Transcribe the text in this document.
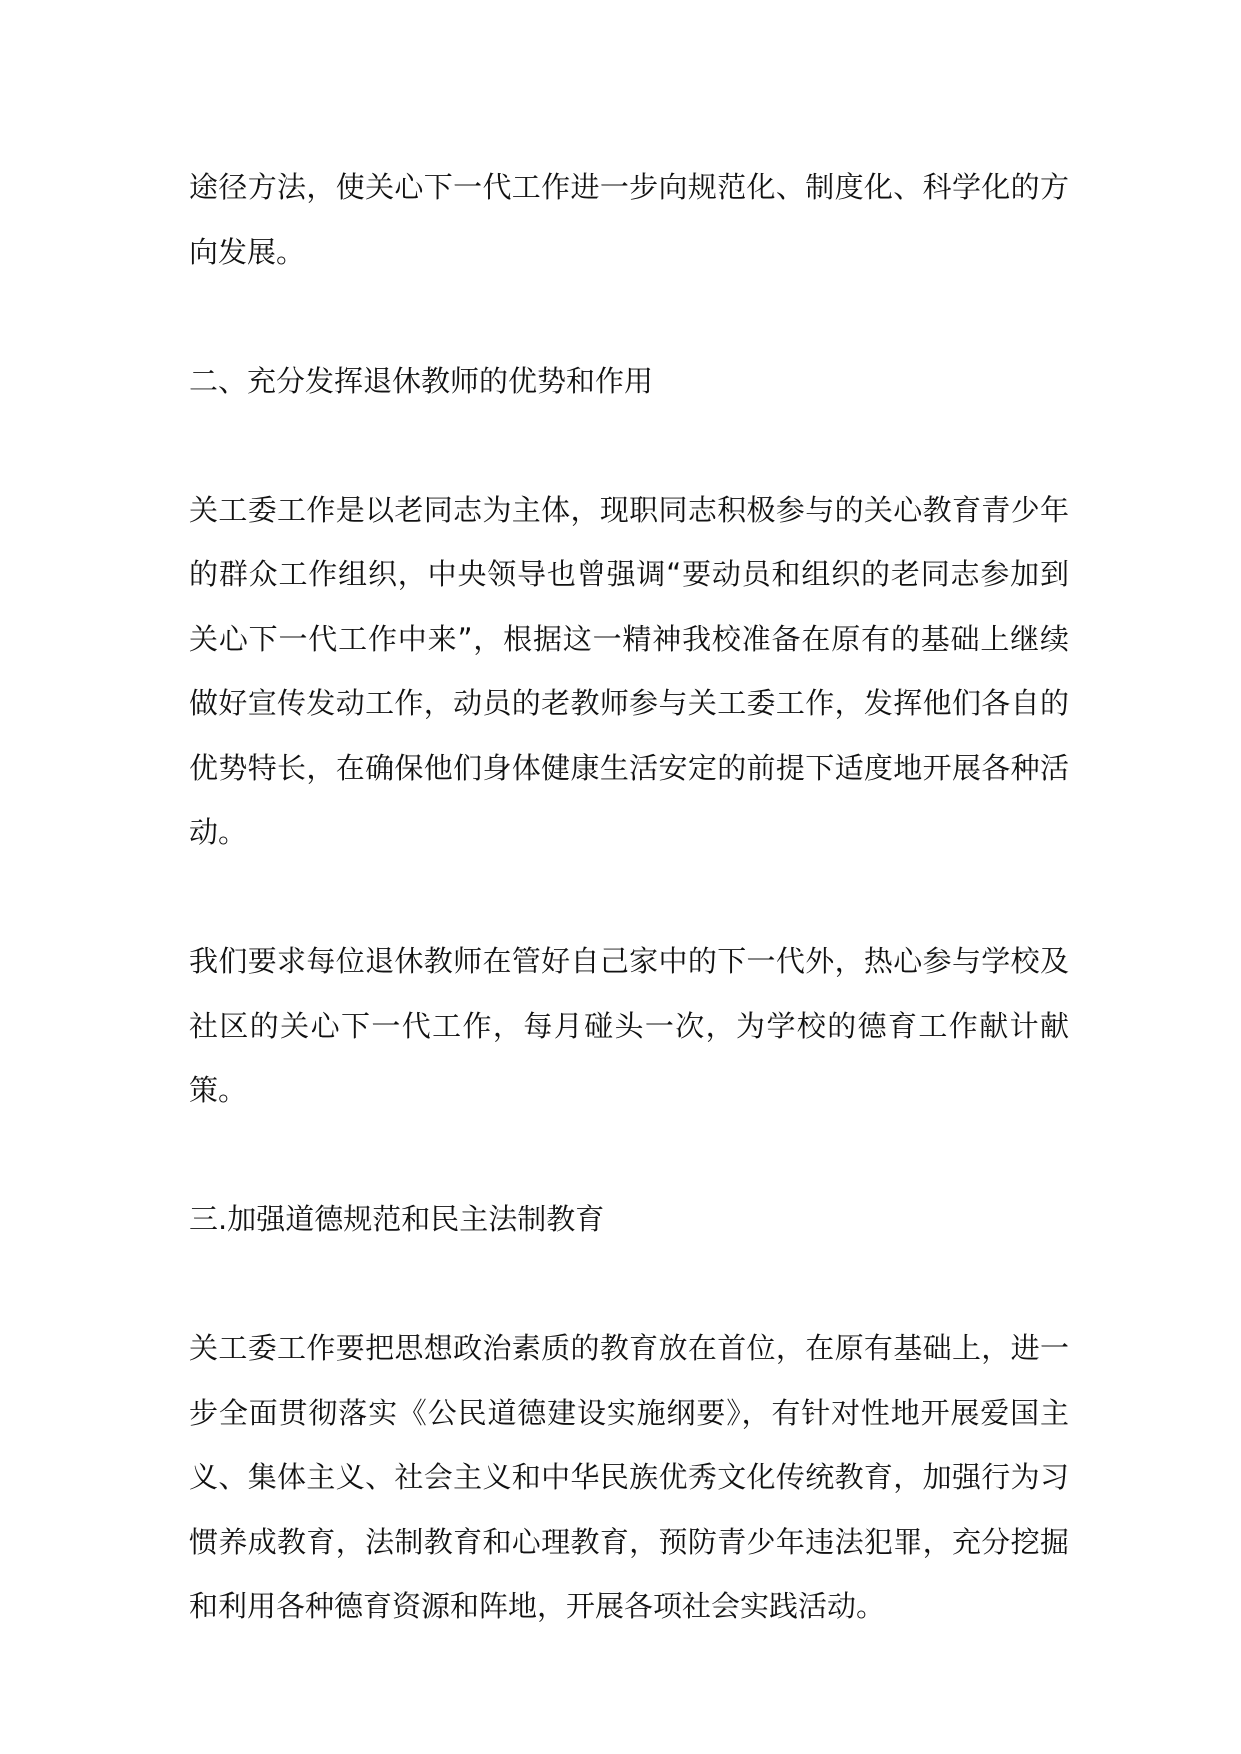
途径方法，使关心下一代工作进一步向规范化、制度化、科学化的方向发展。

二、充分发挥退休教师的优势和作用

关工委工作是以老同志为主体，现职同志积极参与的关心教育青少年的群众工作组织，中央领导也曾强调“要动员和组织的老同志参加到关心下一代工作中来”，根据这一精神我校准备在原有的基础上继续做好宣传发动工作，动员的老教师参与关工委工作，发挥他们各自的优势特长，在确保他们身体健康生活安定的前提下适度地开展各种活动。

我们要求每位退休教师在管好自己家中的下一代外，热心参与学校及社区的关心下一代工作，每月碰头一次，为学校的德育工作献计献策。

三.加强道德规范和民主法制教育

关工委工作要把思想政治素质的教育放在首位，在原有基础上，进一步全面贯彻落实《公民道德建设实施纲要》，有针对性地开展爱国主义、集体主义、社会主义和中华民族优秀文化传统教育，加强行为习惯养成教育，法制教育和心理教育，预防青少年违法犯罪，充分挖掘和利用各种德育资源和阵地，开展各项社会实践活动。
